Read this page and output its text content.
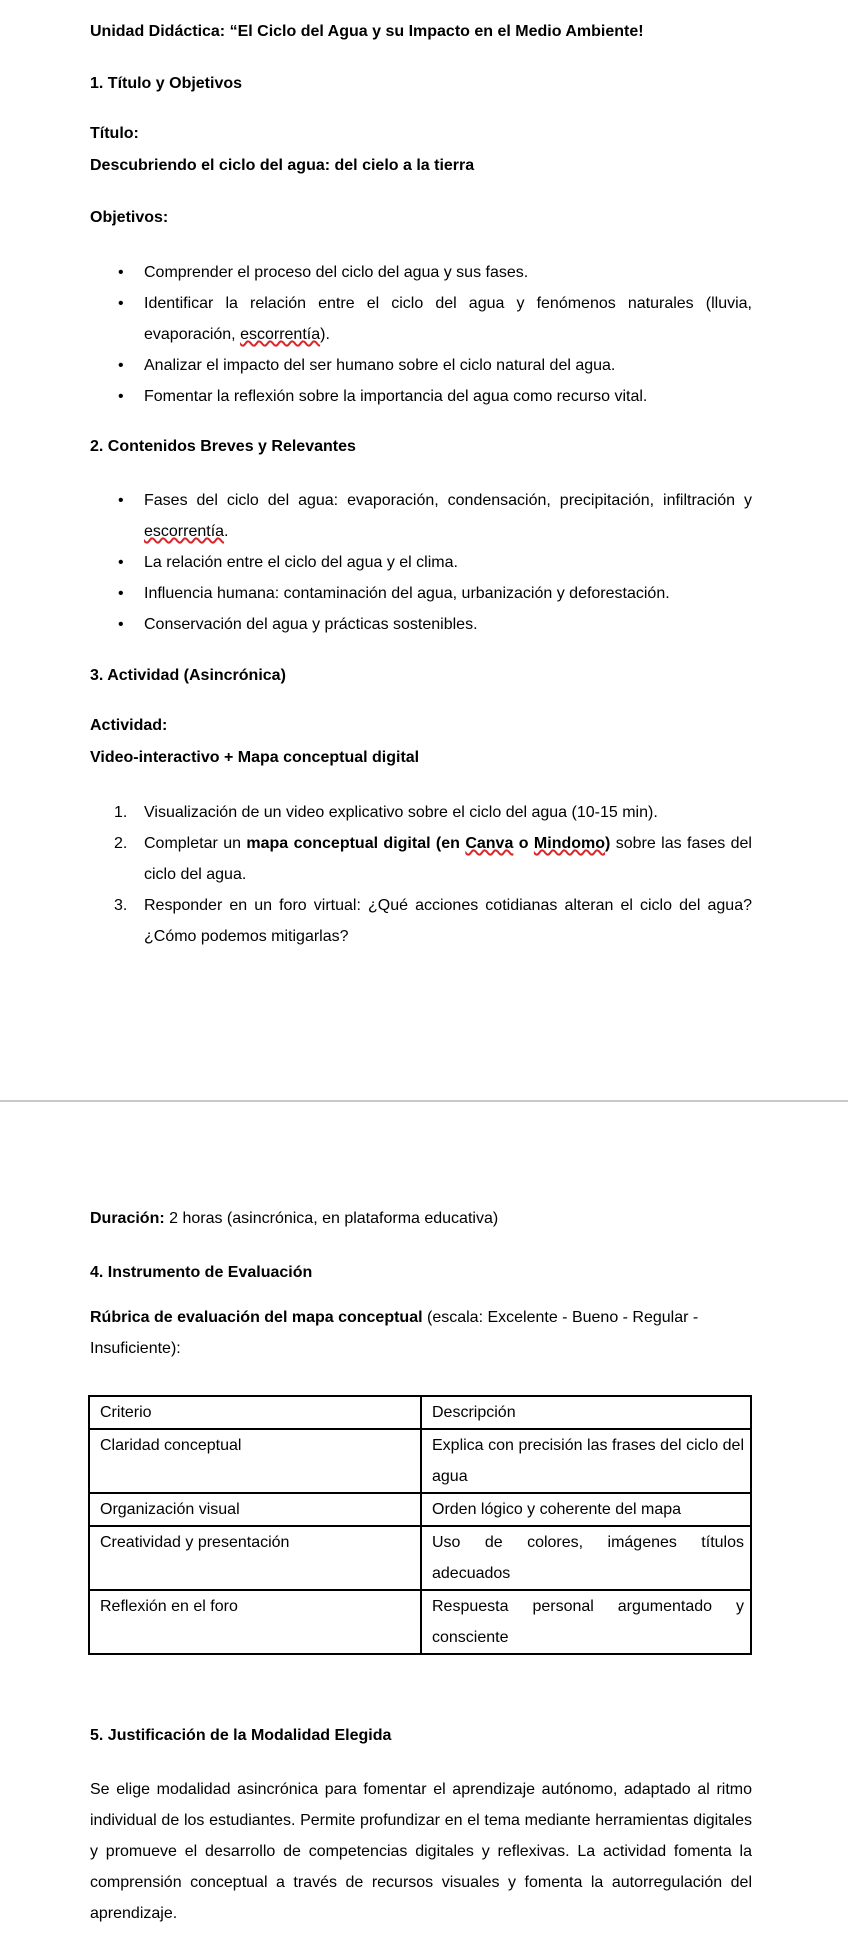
Unidad Didáctica: “El Ciclo del Agua y su Impacto en el Medio Ambiente!
1. Título y Objetivos
Título:
Descubriendo el ciclo del agua: del cielo a la tierra
Objetivos:
• Comprender el proceso del ciclo del agua y sus fases.
• Identificar la relación entre el ciclo del agua y fenómenos naturales (lluvia, evaporación, escorrentía).
• Analizar el impacto del ser humano sobre el ciclo natural del agua.
• Fomentar la reflexión sobre la importancia del agua como recurso vital.
2. Contenidos Breves y Relevantes
• Fases del ciclo del agua: evaporación, condensación, precipitación, infiltración y escorrentía.
• La relación entre el ciclo del agua y el clima.
• Influencia humana: contaminación del agua, urbanización y deforestación.
• Conservación del agua y prácticas sostenibles.
3. Actividad (Asincrónica)
Actividad:
Video-interactivo + Mapa conceptual digital
1. Visualización de un video explicativo sobre el ciclo del agua (10-15 min).
2. Completar un mapa conceptual digital (en Canva o Mindomo) sobre las fases del ciclo del agua.
3. Responder en un foro virtual: ¿Qué acciones cotidianas alteran el ciclo del agua? ¿Cómo podemos mitigarlas?
Duración: 2 horas (asincrónica, en plataforma educativa)
4. Instrumento de Evaluación
Rúbrica de evaluación del mapa conceptual (escala: Excelente - Bueno - Regular - Insuficiente):
Criterio	Descripción
Claridad conceptual	Explica con precisión las frases del ciclo del agua
Organización visual	Orden lógico y coherente del mapa
Creatividad y presentación	Uso de colores, imágenes títulos adecuados
Reflexión en el foro	Respuesta personal argumentado y consciente
5. Justificación de la Modalidad Elegida
Se elige modalidad asincrónica para fomentar el aprendizaje autónomo, adaptado al ritmo individual de los estudiantes. Permite profundizar en el tema mediante herramientas digitales y promueve el desarrollo de competencias digitales y reflexivas. La actividad fomenta la comprensión conceptual a través de recursos visuales y fomenta la autorregulación del aprendizaje.
